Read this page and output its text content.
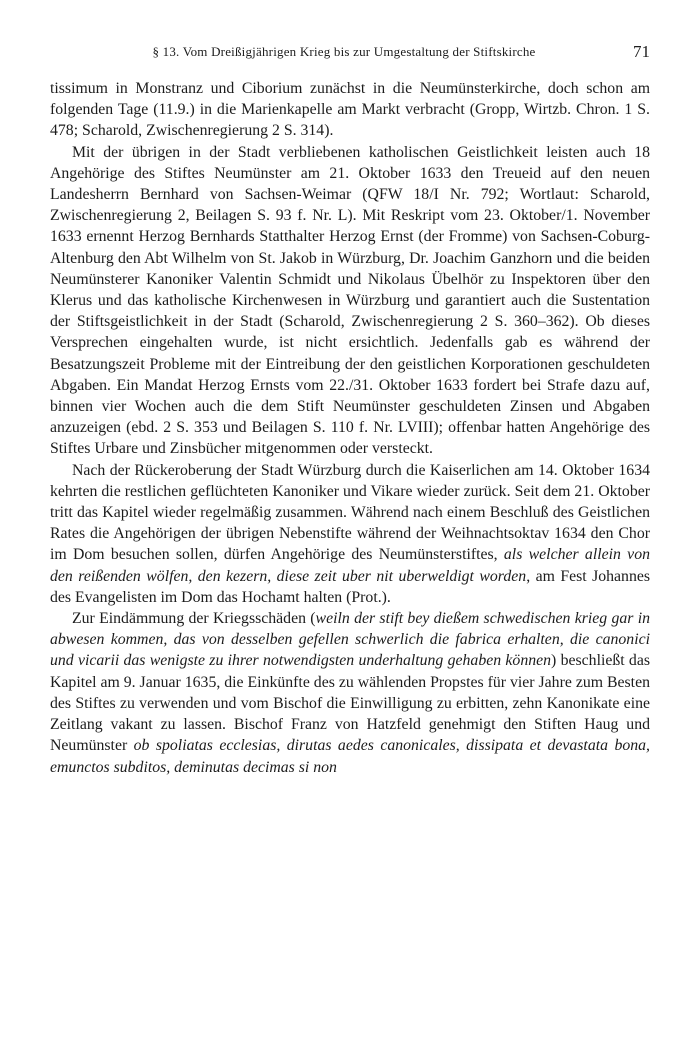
§ 13. Vom Dreißigjährigen Krieg bis zur Umgestaltung der Stiftskirche	71

tissimum in Monstranz und Ciborium zunächst in die Neumünsterkirche, doch schon am folgenden Tage (11.9.) in die Marienkapelle am Markt verbracht (Gropp, Wirtzb. Chron. 1 S. 478; Scharold, Zwischenregierung 2 S. 314).

Mit der übrigen in der Stadt verbliebenen katholischen Geistlichkeit leisten auch 18 Angehörige des Stiftes Neumünster am 21. Oktober 1633 den Treueid auf den neuen Landesherrn Bernhard von Sachsen-Weimar (QFW 18/I Nr. 792; Wortlaut: Scharold, Zwischenregierung 2, Beilagen S. 93 f. Nr. L). Mit Reskript vom 23. Oktober/1. November 1633 ernennt Herzog Bernhards Statthalter Herzog Ernst (der Fromme) von Sachsen-Coburg-Altenburg den Abt Wilhelm von St. Jakob in Würzburg, Dr. Joachim Ganzhorn und die beiden Neumünsterer Kanoniker Valentin Schmidt und Nikolaus Übelhör zu Inspektoren über den Klerus und das katholische Kirchenwesen in Würzburg und garantiert auch die Sustentation der Stiftsgeistlichkeit in der Stadt (Scharold, Zwischenregierung 2 S. 360–362). Ob dieses Versprechen eingehalten wurde, ist nicht ersichtlich. Jedenfalls gab es während der Besatzungszeit Probleme mit der Eintreibung der den geistlichen Korporationen geschuldeten Abgaben. Ein Mandat Herzog Ernsts vom 22./31. Oktober 1633 fordert bei Strafe dazu auf, binnen vier Wochen auch die dem Stift Neumünster geschuldeten Zinsen und Abgaben anzuzeigen (ebd. 2 S. 353 und Beilagen S. 110 f. Nr. LVIII); offenbar hatten Angehörige des Stiftes Urbare und Zinsbücher mitgenommen oder versteckt.

Nach der Rückeroberung der Stadt Würzburg durch die Kaiserlichen am 14. Oktober 1634 kehrten die restlichen geflüchteten Kanoniker und Vikare wieder zurück. Seit dem 21. Oktober tritt das Kapitel wieder regelmäßig zusammen. Während nach einem Beschluß des Geistlichen Rates die Angehörigen der übrigen Nebenstifte während der Weihnachtsoktav 1634 den Chor im Dom besuchen sollen, dürfen Angehörige des Neumünsterstiftes, als welcher allein von den reißenden wölfen, den kezern, diese zeit uber nit uberweldigt worden, am Fest Johannes des Evangelisten im Dom das Hochamt halten (Prot.).

Zur Eindämmung der Kriegsschäden (weiln der stift bey dießem schwedischen krieg gar in abwesen kommen, das von desselben gefellen schwerlich die fabrica erhalten, die canonici und vicarii das wenigste zu ihrer notwendigsten underhaltung gehaben können) beschließt das Kapitel am 9. Januar 1635, die Einkünfte des zu wählenden Propstes für vier Jahre zum Besten des Stiftes zu verwenden und vom Bischof die Einwilligung zu erbitten, zehn Kanonikate eine Zeitlang vakant zu lassen. Bischof Franz von Hatzfeld genehmigt den Stiften Haug und Neumünster ob spoliatas ecclesias, dirutas aedes canonicales, dissipata et devastata bona, emunctos subditos, deminutas decimas si non
